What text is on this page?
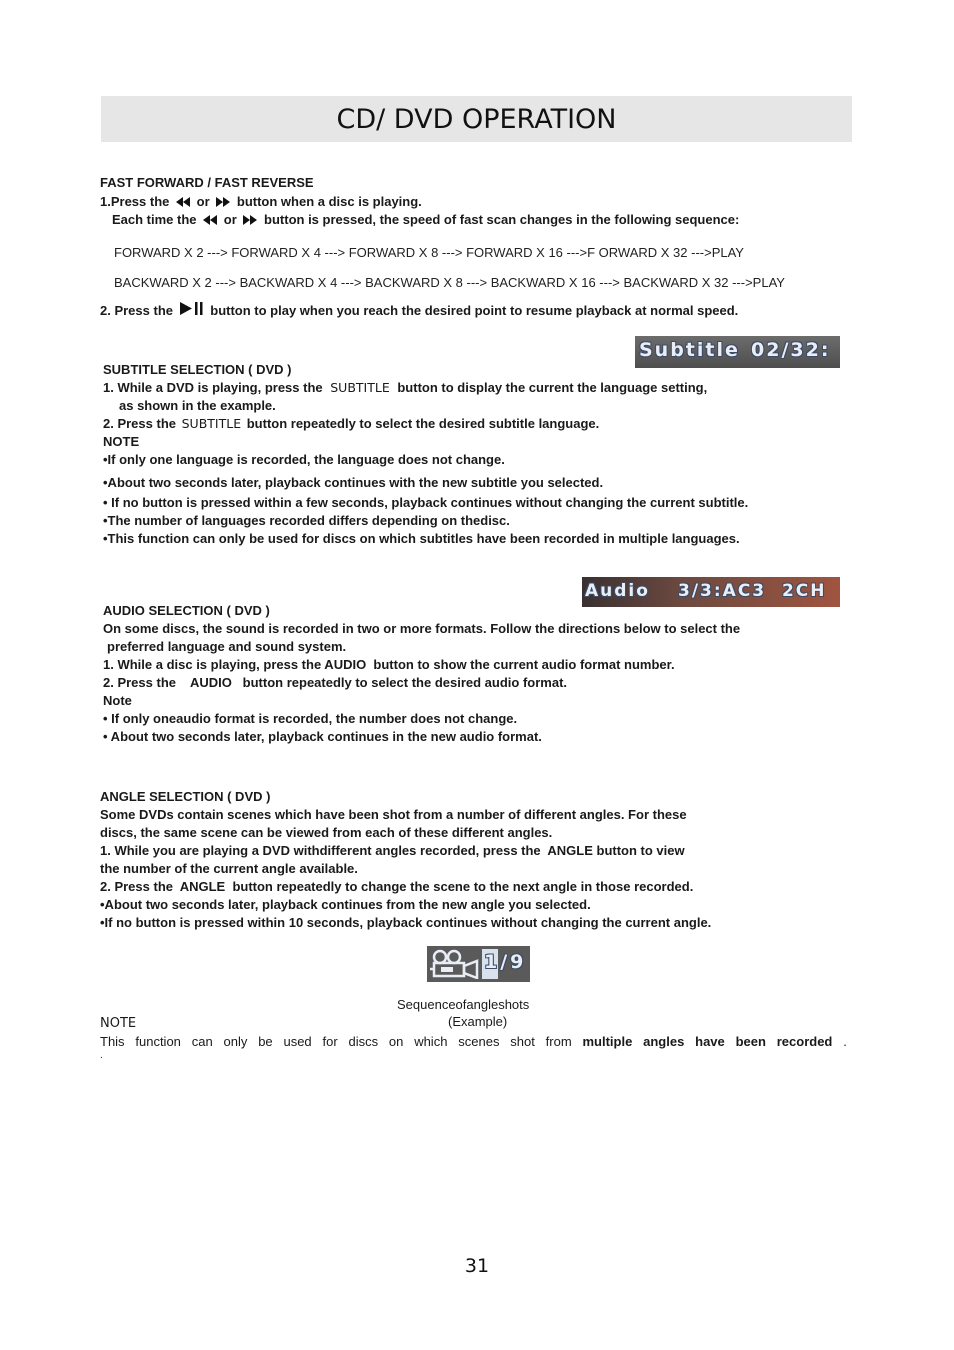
CD/ DVD OPERATION
FAST FORWARD / FAST REVERSE
1.Press the or button when a disc is playing.
Each time the or button is pressed, the speed of fast scan changes in the following sequence:
FORWARD X 2 ---> FORWARD X 4 ---> FORWARD X 8 ---> FORWARD X 16 --->F ORWARD X 32 --->PLAY
BACKWARD X 2 ---> BACKWARD X 4 ---> BACKWARD X 8 ---> BACKWARD X 16 ---> BACKWARD X 32 --->PLAY
2. Press the	button to play when you reach the desired point to resume playback at normal speed.
Subtitle 02/32:
SUBTITLE SELECTION ( DVD )
1. While a DVD is playing, press the SUBTITLE button to display the current the language setting,
as shown in the example.
2. Press the SUBTITLE button repeatedly to select the desired subtitle language.
NOTE
•If only one language is recorded, the language does not change.
•About two seconds later, playback continues with the new subtitle you selected.
• If no button is pressed within a few seconds, playback continues without changing the current subtitle.
•The number of languages recorded differs depending on thedisc.
•This function can only be used for discs on which subtitles have been recorded in multiple languages.
Audio 3/3:AC3  2CH
AUDIO SELECTION ( DVD )
On some discs, the sound is recorded in two or more formats. Follow the directions below to select the
preferred language and sound system.
1. While a disc is playing, press the AUDIO  button to show the current audio format number.
2. Press the    AUDIO   button repeatedly to select the desired audio format.
Note
• If only oneaudio format is recorded, the number does not change.
• About two seconds later, playback continues in the new audio format.
ANGLE SELECTION ( DVD )
Some DVDs contain scenes which have been shot from a number of different angles. For these
discs, the same scene can be viewed from each of these different angles.
1. While you are playing a DVD withdifferent angles recorded, press the  ANGLE button to view
the number of the current angle available.
2. Press the  ANGLE  button repeatedly to change the scene to the next angle in those recorded.
•About two seconds later, playback continues from the new angle you selected.
•If no button is pressed within 10 seconds, playback continues without changing the current angle.
1/9
Sequenceofangleshots
(Example)
NOTE
This function can only be used for discs on which scenes shot from multiple angles have been recorded .
.
31
